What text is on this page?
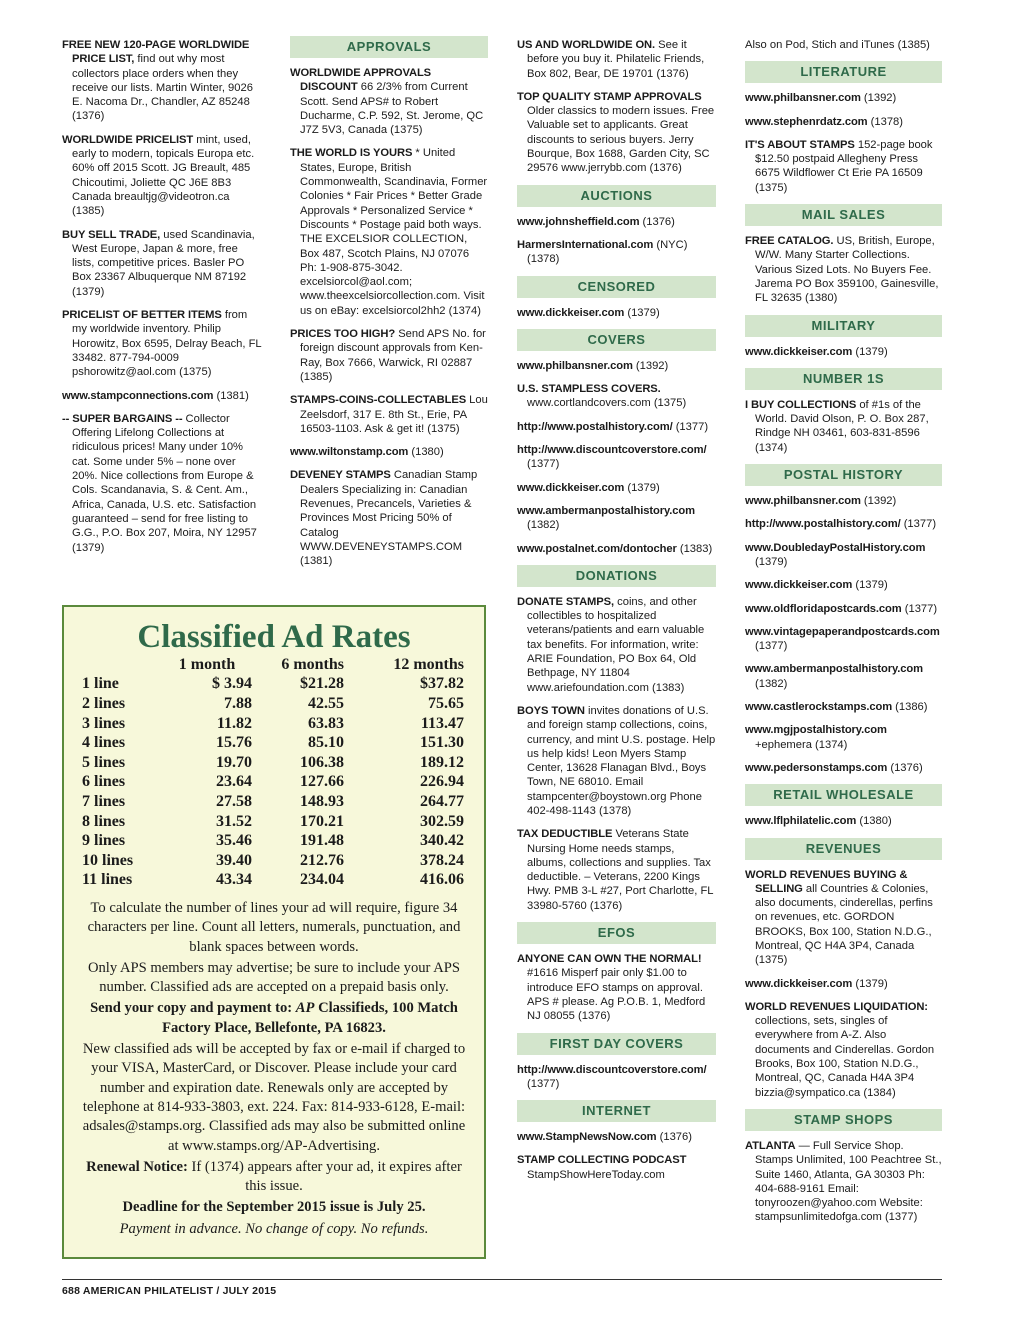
FREE NEW 120-PAGE WORLDWIDE PRICE LIST, find out why most collectors place orders when they receive our lists. Martin Winter, 9026 E. Nacoma Dr., Chandler, AZ 85248 (1376)

WORLDWIDE PRICELIST mint, used, early to modern, topicals Europa etc. 60% off 2015 Scott. JG Breault, 485 Chicoutimi, Joliette QC J6E 8B3 Canada breaultjg@videotron.ca (1385)

BUY SELL TRADE, used Scandinavia, West Europe, Japan & more, free lists, competitive prices. Basler PO Box 23367 Albuquerque NM 87192 (1379)

PRICELIST OF BETTER ITEMS from my worldwide inventory. Philip Horowitz, Box 6595, Delray Beach, FL 33482. 877-794-0009 pshorowitz@aol.com (1375)

www.stampconnections.com (1381)

-- SUPER BARGAINS -- Collector Offering Lifelong Collections at ridiculous prices! Many under 10% cat. Some under 5% – none over 20%. Nice collections from Europe & Cols. Scandanavia, S. & Cent. Am., Africa, Canada, U.S. etc. Satisfaction guaranteed – send for free listing to G.G., P.O. Box 207, Moira, NY 12957 (1379)

APPROVALS

WORLDWIDE APPROVALS DISCOUNT 66 2/3% from Current Scott. Send APS# to Robert Ducharme, C.P. 592, St. Jerome, QC J7Z 5V3, Canada (1375)

THE WORLD IS YOURS * United States, Europe, British Commonwealth, Scandinavia, Former Colonies * Fair Prices * Better Grade Approvals * Personalized Service * Discounts * Postage paid both ways. THE EXCELSIOR COLLECTION, Box 487, Scotch Plains, NJ 07076 Ph: 1-908-875-3042. excelsiorcol@aol.com; www.theexcelsiorcollection.com. Visit us on eBay: excelsiorcol2hh2 (1374)

PRICES TOO HIGH? Send APS No. for foreign discount approvals from Ken-Ray, Box 7666, Warwick, RI 02887 (1385)

STAMPS-COINS-COLLECTABLES Lou Zeelsdorf, 317 E. 8th St., Erie, PA 16503-1103. Ask & get it! (1375)

www.wiltonstamp.com (1380)

DEVENEY STAMPS Canadian Stamp Dealers Specializing in: Canadian Revenues, Precancels, Varieties & Provinces Most Pricing 50% of Catalog WWW.DEVENEYSTAMPS.COM (1381)

US AND WORLDWIDE ON. See it before you buy it. Philatelic Friends, Box 802, Bear, DE 19701 (1376)

TOP QUALITY STAMP APPROVALS Older classics to modern issues. Free Valuable set to applicants. Great discounts to serious buyers. Jerry Bourque, Box 1688, Garden City, SC 29576 www.jerrybb.com (1376)

AUCTIONS

www.johnsheffield.com (1376)

HarmersInternational.com (NYC) (1378)

CENSORED

www.dickkeiser.com (1379)

COVERS

www.philbansner.com (1392)

U.S. STAMPLESS COVERS. www.cortlandcovers.com (1375)

http://www.postalhistory.com/ (1377)

http://www.discountcoverstore.com/ (1377)

www.dickkeiser.com (1379)

www.ambermanpostalhistory.com (1382)

www.postalnet.com/dontocher (1383)

DONATIONS

DONATE STAMPS, coins, and other collectibles to hospitalized veterans/patients and earn valuable tax benefits. For information, write: ARIE Foundation, PO Box 64, Old Bethpage, NY 11804 www.ariefoundation.com (1383)

BOYS TOWN invites donations of U.S. and foreign stamp collections, coins, currency, and mint U.S. postage. Help us help kids! Leon Myers Stamp Center, 13628 Flanagan Blvd., Boys Town, NE 68010. Email stampcenter@boystown.org Phone 402-498-1143 (1378)

TAX DEDUCTIBLE Veterans State Nursing Home needs stamps, albums, collections and supplies. Tax deductible. – Veterans, 2200 Kings Hwy. PMB 3-L #27, Port Charlotte, FL 33980-5760 (1376)

EFOS

ANYONE CAN OWN THE NORMAL! #1616 Misperf pair only $1.00 to introduce EFO stamps on approval. APS # please. Ag P.O.B. 1, Medford NJ 08055 (1376)

FIRST DAY COVERS

http://www.discountcoverstore.com/ (1377)

INTERNET

www.StampNewsNow.com (1376)

STAMP COLLECTING PODCAST StampShowHereToday.com

Also on Pod, Stich and iTunes (1385)

LITERATURE

www.philbansner.com (1392)

www.stephenrdatz.com (1378)

IT'S ABOUT STAMPS 152-page book $12.50 postpaid Allegheny Press 6675 Wildflower Ct Erie PA 16509 (1375)

MAIL SALES

FREE CATALOG. US, British, Europe, W/W. Many Starter Collections. Various Sized Lots. No Buyers Fee. Jarema PO Box 359100, Gainesville, FL 32635 (1380)

MILITARY

www.dickkeiser.com (1379)

NUMBER 1S

I BUY COLLECTIONS of #1s of the World. David Olson, P. O. Box 287, Rindge NH 03461, 603-831-8596 (1374)

POSTAL HISTORY

www.philbansner.com (1392)

http://www.postalhistory.com/ (1377)

www.DoubledayPostalHistory.com (1379)

www.dickkeiser.com (1379)

www.oldfloridapostcards.com (1377)

www.vintagepaperandpostcards.com (1377)

www.ambermanpostalhistory.com (1382)

www.castlerockstamps.com (1386)

www.mgjpostalhistory.com +ephemera (1374)

www.pedersonstamps.com (1376)

RETAIL WHOLESALE

www.lflphilatelic.com (1380)

REVENUES

WORLD REVENUES BUYING & SELLING all Countries & Colonies, also documents, cinderellas, perfins on revenues, etc. GORDON BROOKS, Box 100, Station N.D.G., Montreal, QC H4A 3P4, Canada (1375)

www.dickkeiser.com (1379)

WORLD REVENUES LIQUIDATION: collections, sets, singles of everywhere from A-Z. Also documents and Cinderellas. Gordon Brooks, Box 100, Station N.D.G., Montreal, QC, Canada H4A 3P4 bizzia@sympatico.ca (1384)

STAMP SHOPS

ATLANTA — Full Service Shop. Stamps Unlimited, 100 Peachtree St., Suite 1460, Atlanta, GA 30303 Ph: 404-688-9161 Email: tonyroozen@yahoo.com Website: stampsunlimitedofga.com (1377)

Classified Ad Rates
	1 month	6 months	12 months
1 line	$ 3.94	$21.28	$37.82
2 lines	7.88	42.55	75.65
3 lines	11.82	63.83	113.47
4 lines	15.76	85.10	151.30
5 lines	19.70	106.38	189.12
6 lines	23.64	127.66	226.94
7 lines	27.58	148.93	264.77
8 lines	31.52	170.21	302.59
9 lines	35.46	191.48	340.42
10 lines	39.40	212.76	378.24
11 lines	43.34	234.04	416.06

To calculate the number of lines your ad will require, figure 34 characters per line. Count all letters, numerals, punctuation, and blank spaces between words.

Only APS members may advertise; be sure to include your APS number. Classified ads are accepted on a prepaid basis only.

Send your copy and payment to: AP Classifieds, 100 Match Factory Place, Bellefonte, PA 16823.

New classified ads will be accepted by fax or e-mail if charged to your VISA, MasterCard, or Discover. Please include your card number and expiration date. Renewals only are accepted by telephone at 814-933-3803, ext. 224. Fax: 814-933-6128, E-mail: adsales@stamps.org. Classified ads may also be submitted online at www.stamps.org/AP-Advertising.

Renewal Notice: If (1374) appears after your ad, it expires after this issue.

Deadline for the September 2015 issue is July 25.

Payment in advance. No change of copy. No refunds.

688 AMERICAN PHILATELIST / JULY 2015
